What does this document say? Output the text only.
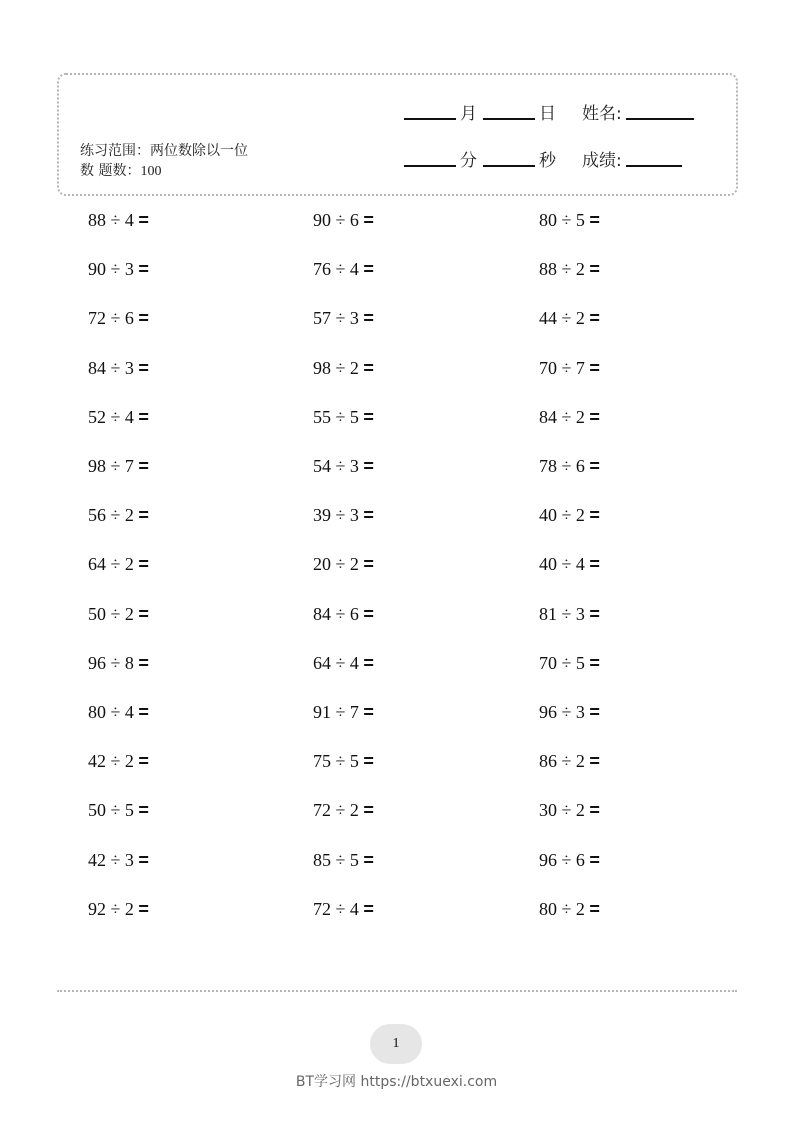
练习范围：两位数除以一位
数 题数：100
月	日 姓名:
分	秒 成绩:
88 ÷ 4 =	90 ÷ 6 =	80 ÷ 5 =
90 ÷ 3 =	76 ÷ 4 =	88 ÷ 2 =
72 ÷ 6 =	57 ÷ 3 =	44 ÷ 2 =
84 ÷ 3 =	98 ÷ 2 =	70 ÷ 7 =
52 ÷ 4 =	55 ÷ 5 =	84 ÷ 2 =
98 ÷ 7 =	54 ÷ 3 =	78 ÷ 6 =
56 ÷ 2 =	39 ÷ 3 =	40 ÷ 2 =
64 ÷ 2 =	20 ÷ 2 =	40 ÷ 4 =
50 ÷ 2 =	84 ÷ 6 =	81 ÷ 3 =
96 ÷ 8 =	64 ÷ 4 =	70 ÷ 5 =
80 ÷ 4 =	91 ÷ 7 =	96 ÷ 3 =
42 ÷ 2 =	75 ÷ 5 =	86 ÷ 2 =
50 ÷ 5 =	72 ÷ 2 =	30 ÷ 2 =
42 ÷ 3 =	85 ÷ 5 =	96 ÷ 6 =
92 ÷ 2 =	72 ÷ 4 =	80 ÷ 2 =
1
BT学习网 https://btxuexi.com
